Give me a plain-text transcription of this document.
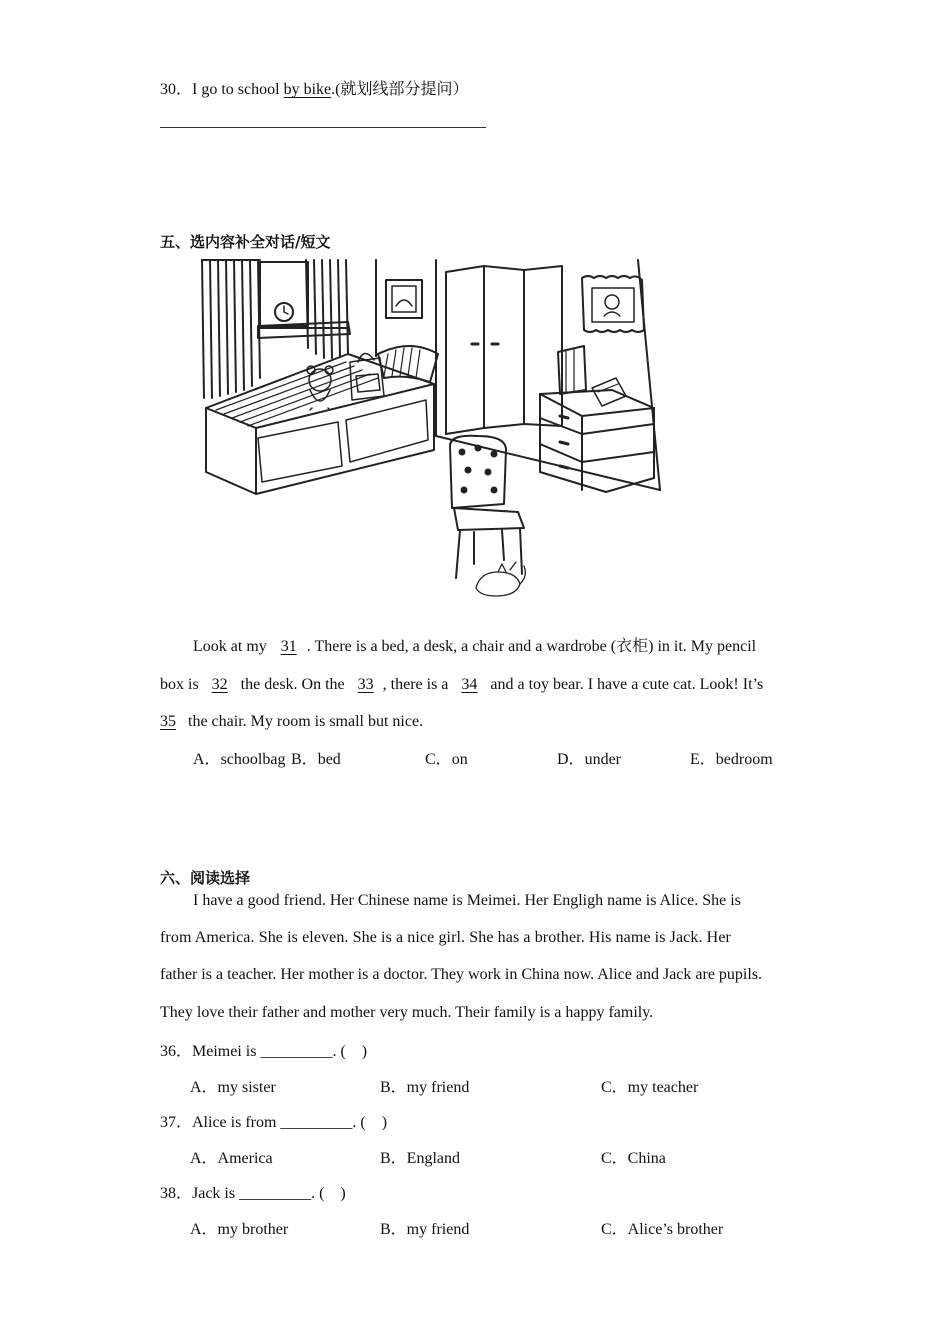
30．I go to school by bike.(就划线部分提问）
五、选内容补全对话/短文
Look at my 31. There is a bed, a desk, a chair and a wardrobe (衣柜) in it. My pencil
box is 32 the desk. On the 33, there is a 34 and a toy bear. I have a cute cat. Look! It’s
35 the chair. My room is small but nice.
A．schoolbag B．bed	C．on	D．under	E．bedroom
六、阅读选择
I have a good friend. Her Chinese name is Meimei. Her Engligh name is Alice. She is
from America. She is eleven. She is a nice girl. She has a brother. His name is Jack. Her
father is a teacher. Her mother is a doctor. They work in China now. Alice and Jack are pupils.
They love their father and mother very much. Their family is a happy family.
36．Meimei is _________. (　)
A．my sister	B．my friend	C．my teacher
37．Alice is from _________. (　)
A．America	B．England	C．China
38．Jack is _________. (　)
A．my brother	B．my friend	C．Alice’s brother
